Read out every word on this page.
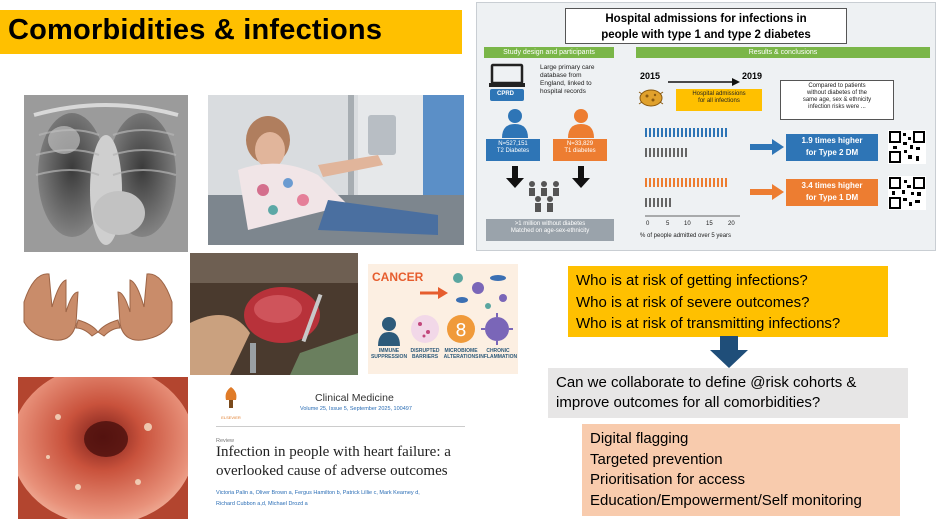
Comorbidities & infections	Hospital admissions for infections in
people with type 1 and type 2 diabetes
Study design and participants	Results & conclusions
CPRD
Large primary care
database from
England, linked to
hospital records
N=527,151
T2 Diabetes
N=33,829
T1 diabetes
>1 million without diabetes
Matched on age-sex-ethnicity
2015	2019
Hospital admissions
for all infections
Compared to patients
without diabetes of the
same age, sex & ethnicity
infection risks were ...
0	5 10	15	20
% of people admitted over 5 years
1.9 times higher
for Type 2 DM
3.4 times higher
for Type 1 DM
CANCER
8
IMMUNE
SUPPRESSION
DISRUPTED
BARRIERS
MICROBIOME
ALTERATIONS
CHRONIC
INFLAMMATION
ELSEVIER
Clinical Medicine
Volume 25, Issue 5, September 2025, 100497
Review
Infection in people with heart failure: a
overlooked cause of adverse outcomes
Victoria Palin a, Oliver Brown a, Fergus Hamilton b, Patrick Lillie c, Mark Kearney d,
Richard Cubbon a,d, Michael Drozd a
Who is at risk of getting infections?
Who is at risk of severe outcomes?
Who is at risk of transmitting infections?
Can we collaborate to define @risk cohorts &
improve outcomes for all comorbidities?
Digital flagging
Targeted prevention
Prioritisation for access
Education/Empowerment/Self monitoring
